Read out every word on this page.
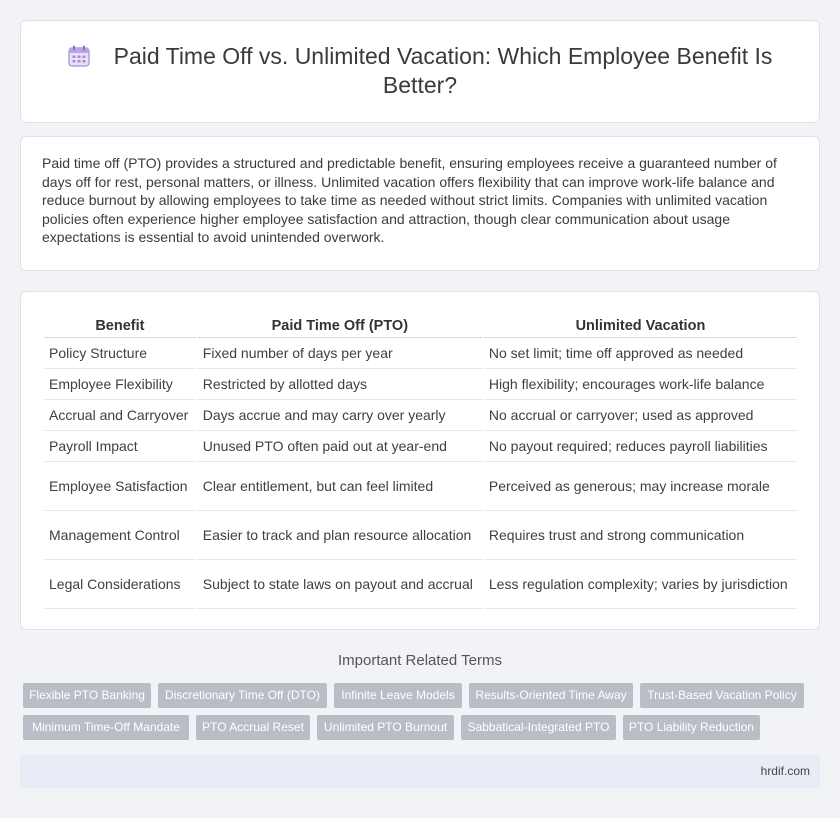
Paid Time Off vs. Unlimited Vacation: Which Employee Benefit Is Better?

Paid time off (PTO) provides a structured and predictable benefit, ensuring employees receive a guaranteed number of days off for rest, personal matters, or illness. Unlimited vacation offers flexibility that can improve work-life balance and reduce burnout by allowing employees to take time as needed without strict limits. Companies with unlimited vacation policies often experience higher employee satisfaction and attraction, though clear communication about usage expectations is essential to avoid unintended overwork.

Benefit	Paid Time Off (PTO)	Unlimited Vacation
Policy Structure	Fixed number of days per year	No set limit; time off approved as needed
Employee Flexibility	Restricted by allotted days	High flexibility; encourages work-life balance
Accrual and Carryover	Days accrue and may carry over yearly	No accrual or carryover; used as approved
Payroll Impact	Unused PTO often paid out at year-end	No payout required; reduces payroll liabilities
Employee Satisfaction	Clear entitlement, but can feel limited	Perceived as generous; may increase morale
Management Control	Easier to track and plan resource allocation	Requires trust and strong communication
Legal Considerations	Subject to state laws on payout and accrual	Less regulation complexity; varies by jurisdiction
Important Related Terms
Flexible PTO Banking	Discretionary Time Off (DTO)	Infinite Leave Models	Results-Oriented Time Away	Trust-Based Vacation Policy
Minimum Time-Off Mandate	PTO Accrual Reset	Unlimited PTO Burnout	Sabbatical-Integrated PTO	PTO Liability Reduction
hrdif.com
